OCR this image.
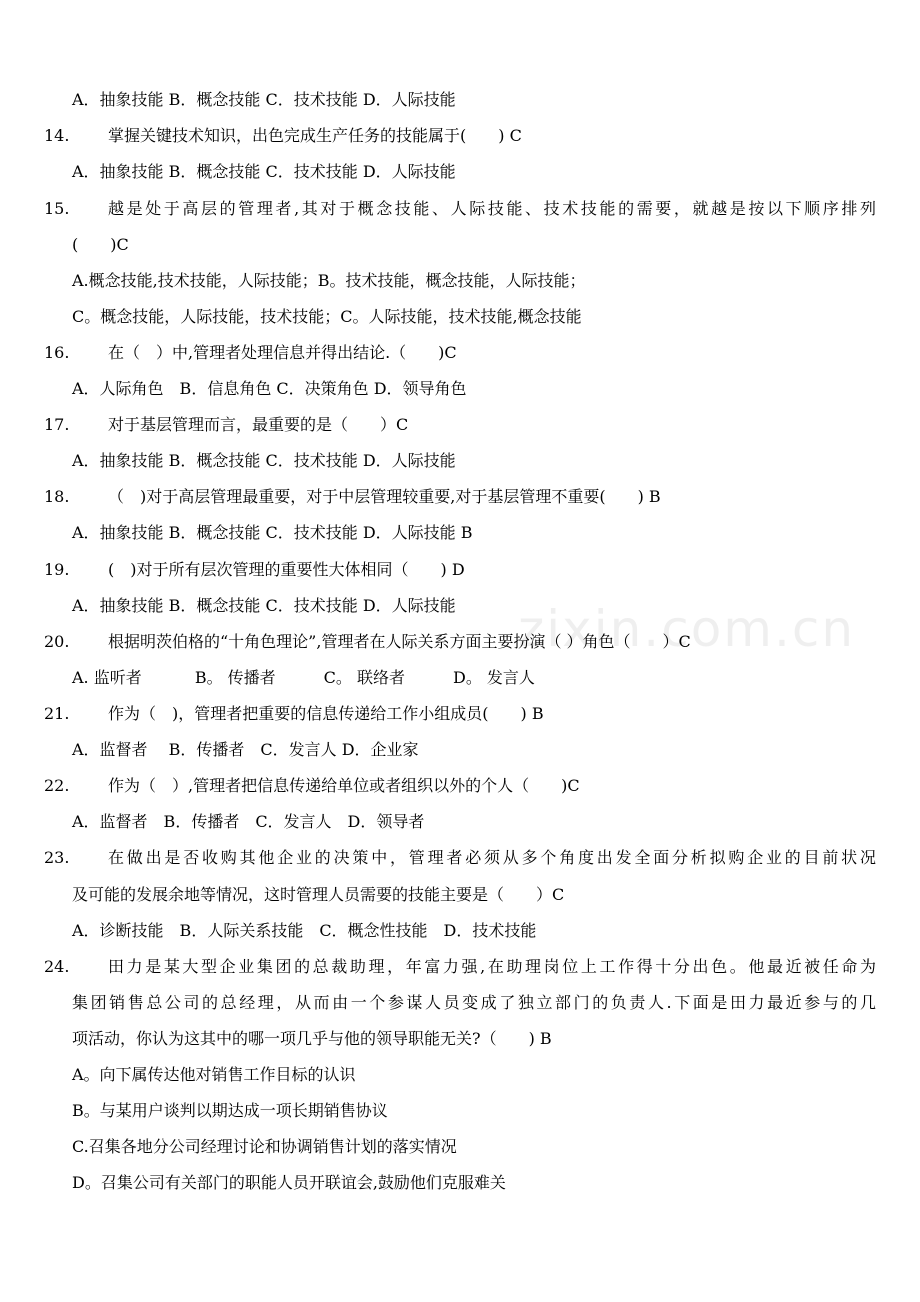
A．抽象技能 B．概念技能 C．技术技能 D．人际技能
14. 掌握关键技术知识，出色完成生产任务的技能属于(　　) C
A．抽象技能 B．概念技能 C．技术技能 D．人际技能
15. 越是处于高层的管理者,其对于概念技能、人际技能、技术技能的需要，就越是按以下顺序排列
(　　)C
A.概念技能,技术技能，人际技能；B。技术技能，概念技能，人际技能；
C。概念技能，人际技能，技术技能；C。人际技能，技术技能,概念技能
16. 在（　）中,管理者处理信息并得出结论.（　　)C
A．人际角色　B．信息角色 C．决策角色 D．领导角色
17. 对于基层管理而言，最重要的是（　　）C
A．抽象技能 B．概念技能 C．技术技能 D．人际技能
18. （　)对于高层管理最重要，对于中层管理较重要,对于基层管理不重要(　　) B
A．抽象技能 B．概念技能 C．技术技能 D．人际技能 B
19. (　)对于所有层次管理的重要性大体相同（　　) D
A．抽象技能 B．概念技能 C．技术技能 D．人际技能
20. 根据明茨伯格的“十角色理论”,管理者在人际关系方面主要扮演（ ）角色（　　）C
A. 监听者　　　 B。 传播者　　　C。 联络者　　　D。 发言人
21. 作为（　)，管理者把重要的信息传递给工作小组成员(　　) B
A．监督者　 B．传播者　C．发言人 D．企业家
22. 作为（　）,管理者把信息传递给单位或者组织以外的个人（　　)C
A．监督者　B．传播者　C．发言人　D．领导者
23. 在做出是否收购其他企业的决策中，管理者必须从多个角度出发全面分析拟购企业的目前状况
及可能的发展余地等情况，这时管理人员需要的技能主要是（　　）C
A．诊断技能　B．人际关系技能　C．概念性技能　D．技术技能
24. 田力是某大型企业集团的总裁助理，年富力强,在助理岗位上工作得十分出色。他最近被任命为
集团销售总公司的总经理，从而由一个参谋人员变成了独立部门的负责人.下面是田力最近参与的几
项活动，你认为这其中的哪一项几乎与他的领导职能无关?（　　) B
A。向下属传达他对销售工作目标的认识
B。与某用户谈判以期达成一项长期销售协议
C.召集各地分公司经理讨论和协调销售计划的落实情况
D。召集公司有关部门的职能人员开联谊会,鼓励他们克服难关
zixin.com.cn
